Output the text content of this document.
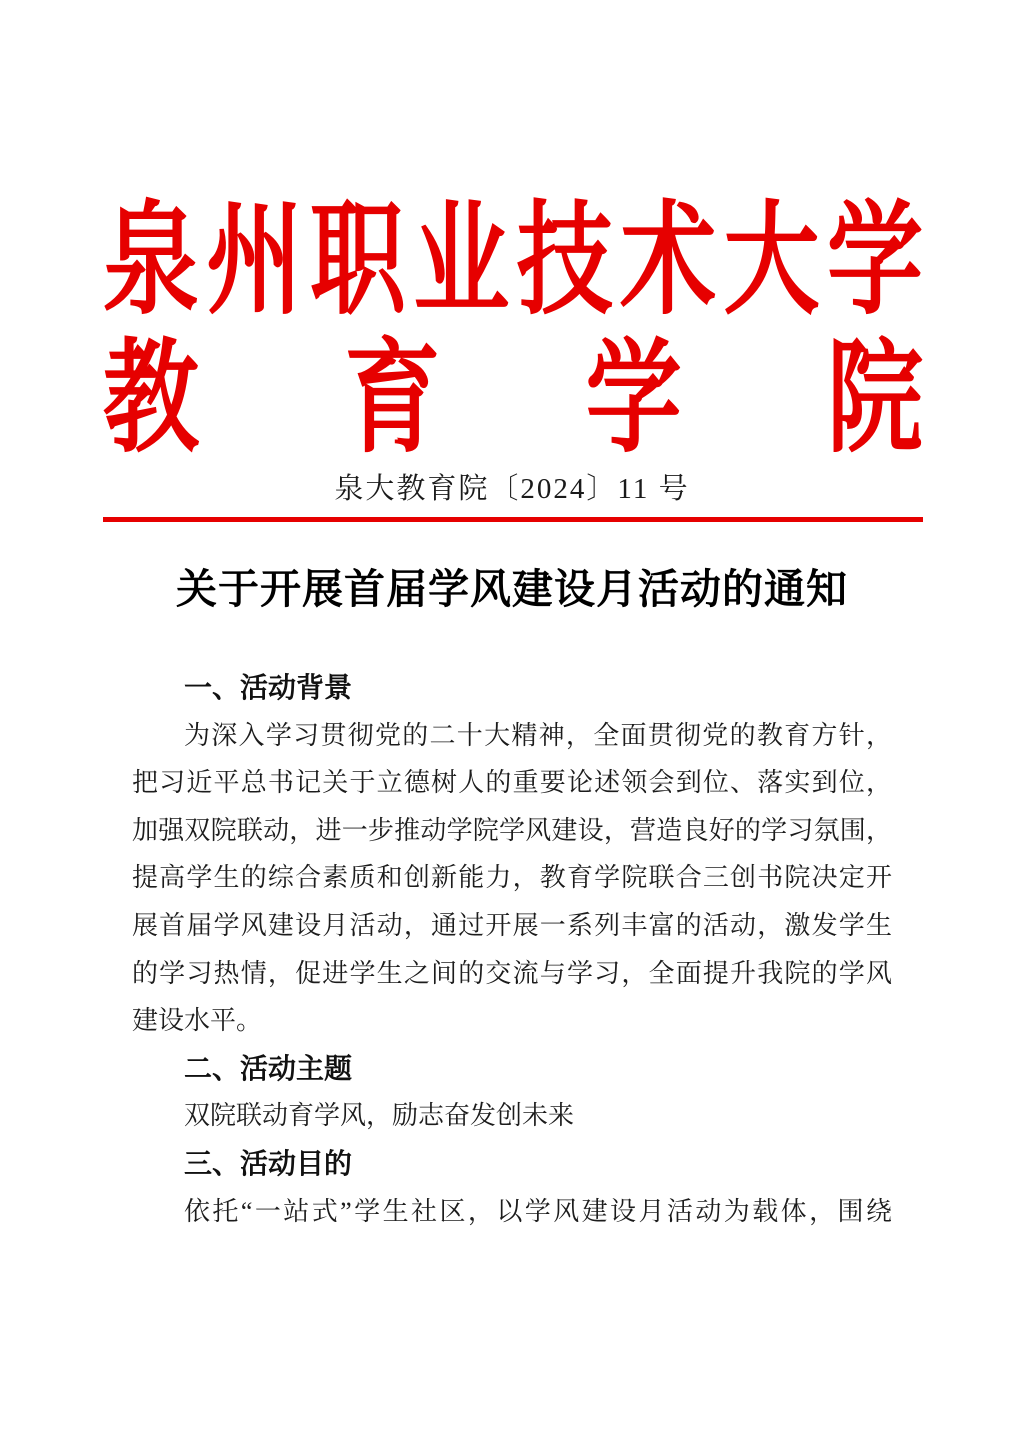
泉 州 职 业 技 术 大 学
教 育 学 院
泉大教育院〔2024〕11 号
关于开展首届学风建设月活动的通知
一、活动背景
为深入学习贯彻党的二十大精神，全面贯彻党的教育方针，
把习近平总书记关于立德树人的重要论述领会到位、落实到位，
加强双院联动，进一步推动学院学风建设，营造良好的学习氛围，
提高学生的综合素质和创新能力，教育学院联合三创书院决定开
展首届学风建设月活动，通过开展一系列丰富的活动，激发学生
的学习热情，促进学生之间的交流与学习，全面提升我院的学风
建设水平。
二、活动主题
双院联动育学风，励志奋发创未来
三、活动目的
依托“一站式”学生社区，以学风建设月活动为载体，围绕
